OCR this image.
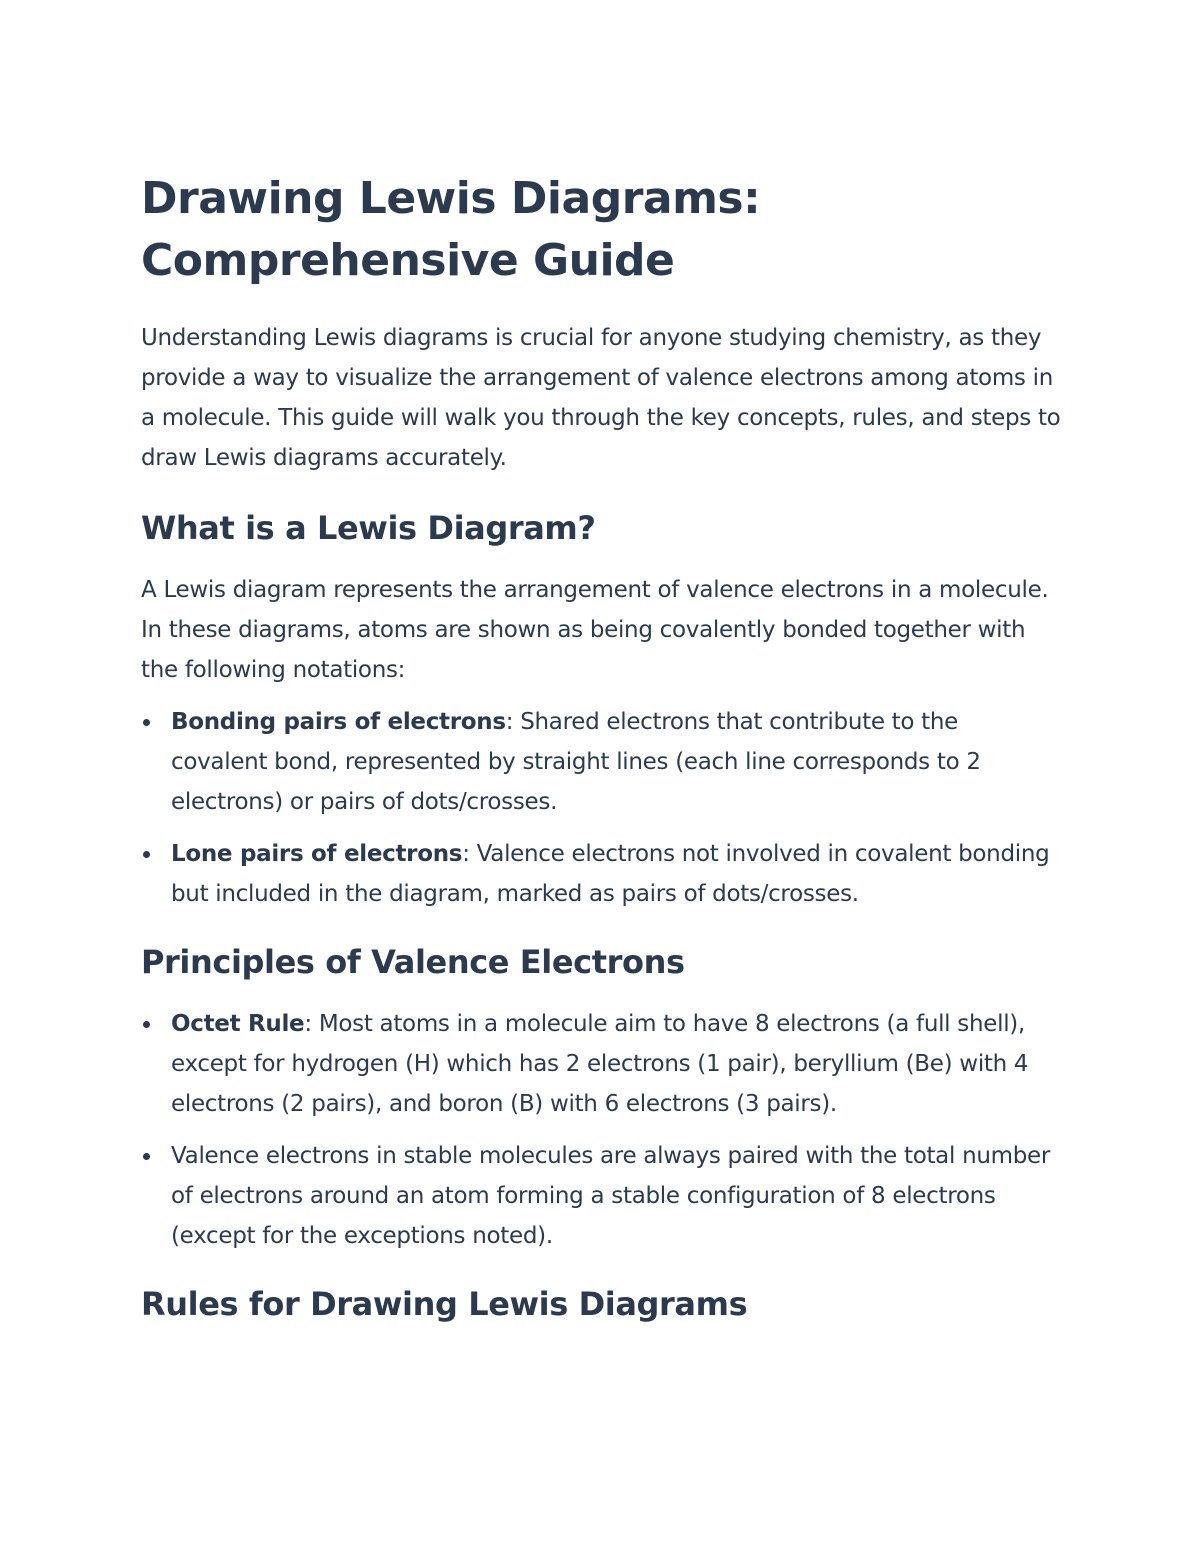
Drawing Lewis Diagrams: Comprehensive Guide

Understanding Lewis diagrams is crucial for anyone studying chemistry, as they provide a way to visualize the arrangement of valence electrons among atoms in a molecule. This guide will walk you through the key concepts, rules, and steps to draw Lewis diagrams accurately.

What is a Lewis Diagram?

A Lewis diagram represents the arrangement of valence electrons in a molecule. In these diagrams, atoms are shown as being covalently bonded together with the following notations:

Bonding pairs of electrons: Shared electrons that contribute to the covalent bond, represented by straight lines (each line corresponds to 2 electrons) or pairs of dots/crosses.
Lone pairs of electrons: Valence electrons not involved in covalent bonding but included in the diagram, marked as pairs of dots/crosses.
Principles of Valence Electrons
Octet Rule: Most atoms in a molecule aim to have 8 electrons (a full shell), except for hydrogen (H) which has 2 electrons (1 pair), beryllium (Be) with 4 electrons (2 pairs), and boron (B) with 6 electrons (3 pairs).
Valence electrons in stable molecules are always paired with the total number of electrons around an atom forming a stable configuration of 8 electrons (except for the exceptions noted).
Rules for Drawing Lewis Diagrams
